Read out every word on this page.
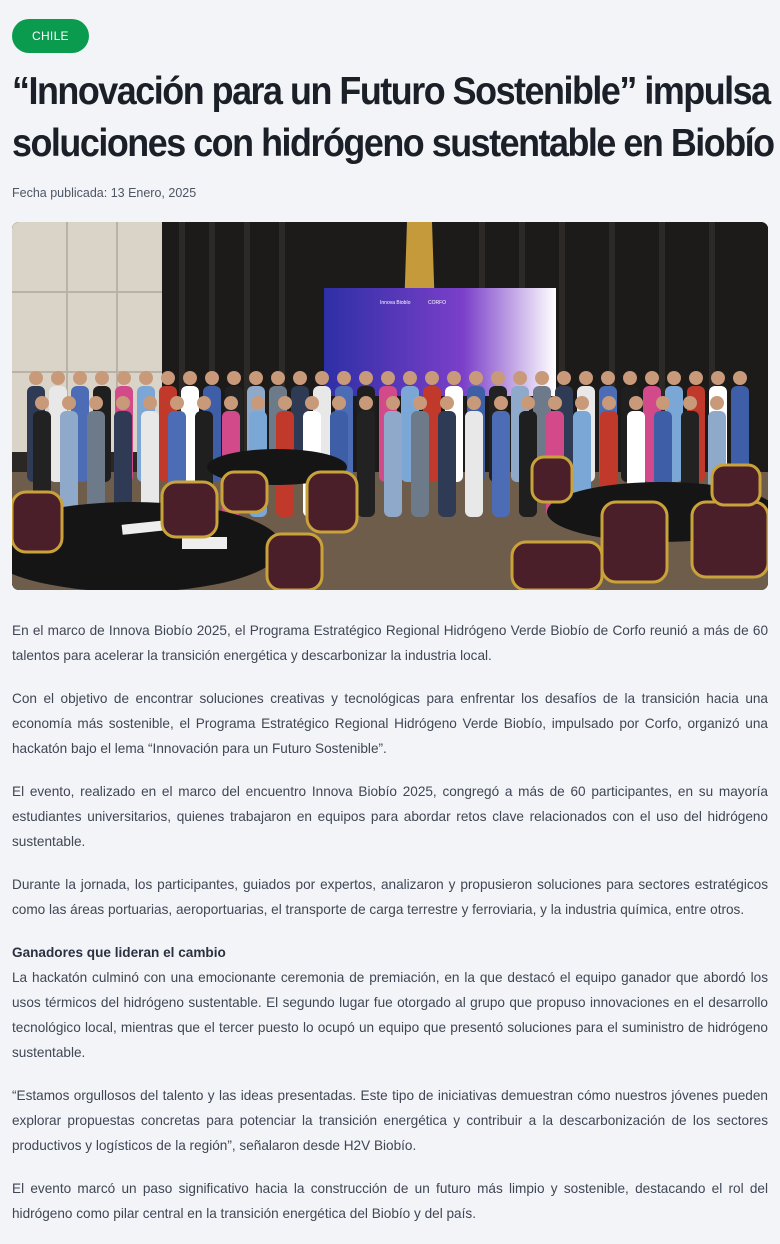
CHILE
“Innovación para un Futuro Sostenible” impulsa
soluciones con hidrógeno sustentable en Biobío
Fecha publicada: 13 Enero, 2025
Innova Biobío	CORFO

En el marco de Innova Biobío 2025, el Programa Estratégico Regional Hidrógeno Verde Biobío de Corfo reunió a más de 60 talentos para acelerar la transición energética y descarbonizar la industria local.

Con el objetivo de encontrar soluciones creativas y tecnológicas para enfrentar los desafíos de la transición hacia una economía más sostenible, el Programa Estratégico Regional Hidrógeno Verde Biobío, impulsado por Corfo, organizó una hackatón bajo el lema “Innovación para un Futuro Sostenible”.

El evento, realizado en el marco del encuentro Innova Biobío 2025, congregó a más de 60 participantes, en su mayoría estudiantes universitarios, quienes trabajaron en equipos para abordar retos clave relacionados con el uso del hidrógeno sustentable.

Durante la jornada, los participantes, guiados por expertos, analizaron y propusieron soluciones para sectores estratégicos como las áreas portuarias, aeroportuarias, el transporte de carga terrestre y ferroviaria, y la industria química, entre otros.

Ganadores que lideran el cambio

La hackatón culminó con una emocionante ceremonia de premiación, en la que destacó el equipo ganador que abordó los usos térmicos del hidrógeno sustentable. El segundo lugar fue otorgado al grupo que propuso innovaciones en el desarrollo tecnológico local, mientras que el tercer puesto lo ocupó un equipo que presentó soluciones para el suministro de hidrógeno sustentable.

“Estamos orgullosos del talento y las ideas presentadas. Este tipo de iniciativas demuestran cómo nuestros jóvenes pueden explorar propuestas concretas para potenciar la transición energética y contribuir a la descarbonización de los sectores productivos y logísticos de la región”, señalaron desde H2V Biobío.

El evento marcó un paso significativo hacia la construcción de un futuro más limpio y sostenible, destacando el rol del hidrógeno como pilar central en la transición energética del Biobío y del país.
